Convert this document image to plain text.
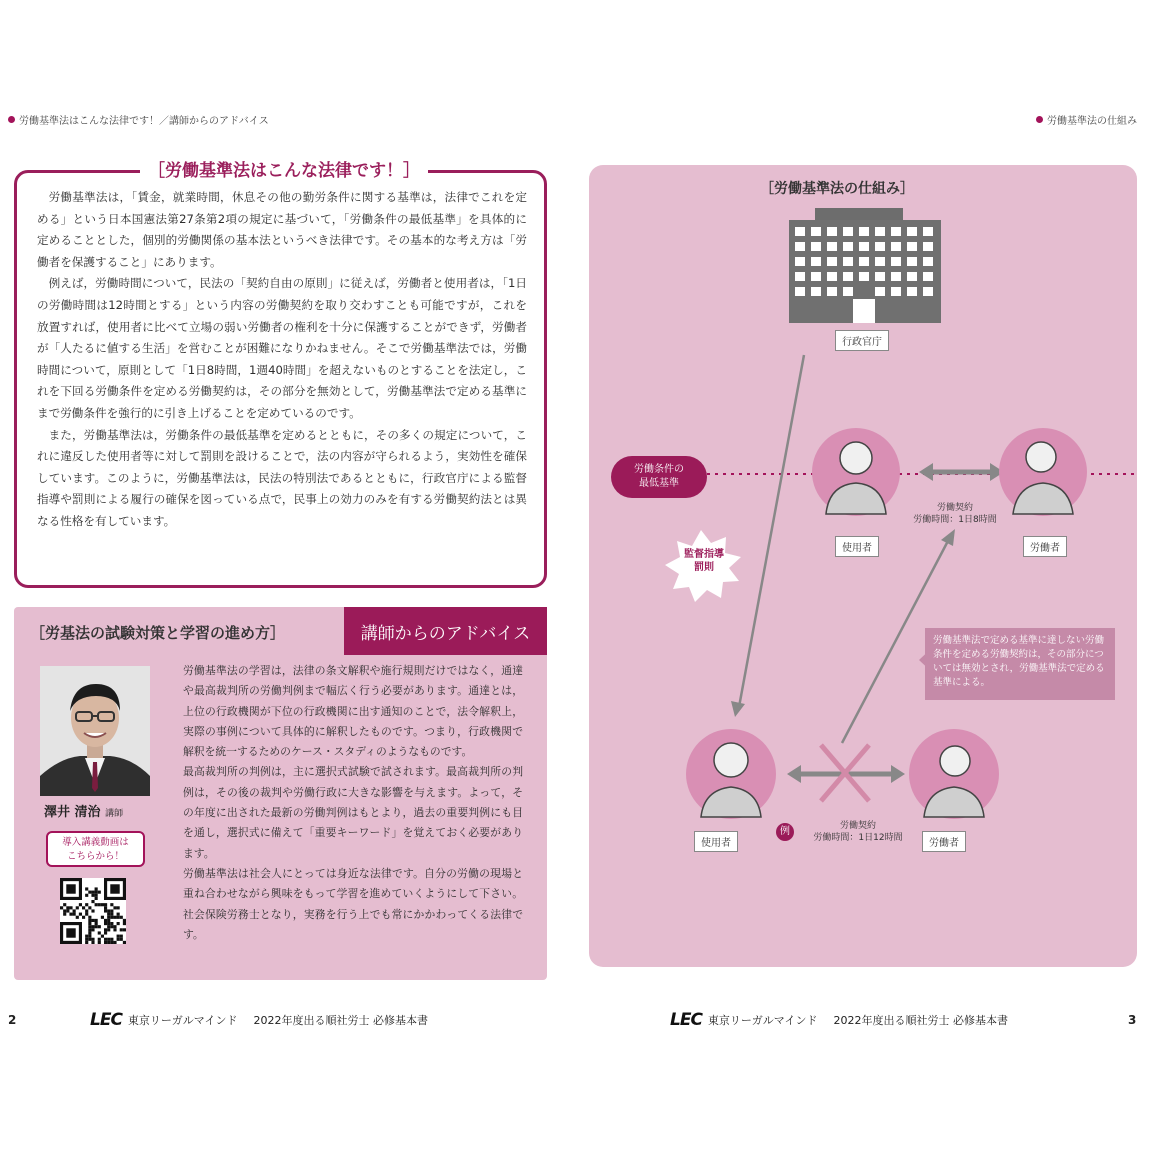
労働基準法はこんな法律です！／講師からのアドバイス	労働基準法の仕組み

労働基準法は，「賃金，就業時間，休息その他の勤労条件に関する基準は，法律でこれを定める」という日本国憲法第27条第2項の規定に基づいて，「労働条件の最低基準」を具体的に定めることとした，個別的労働関係の基本法というべき法律です。その基本的な考え方は「労働者を保護すること」にあります。

例えば，労働時間について，民法の「契約自由の原則」に従えば，労働者と使用者は，「1日の労働時間は12時間とする」という内容の労働契約を取り交わすことも可能ですが，これを放置すれば，使用者に比べて立場の弱い労働者の権利を十分に保護することができず，労働者が「人たるに値する生活」を営むことが困難になりかねません。そこで労働基準法では，労働時間について，原則として「1日8時間，1週40時間」を超えないものとすることを法定し，これを下回る労働条件を定める労働契約は，その部分を無効として，労働基準法で定める基準にまで労働条件を強行的に引き上げることを定めているのです。

また，労働基準法は，労働条件の最低基準を定めるとともに，その多くの規定について，これに違反した使用者等に対して罰則を設けることで，法の内容が守られるよう，実効性を確保しています。このように，労働基準法は，民法の特別法であるとともに，行政官庁による監督指導や罰則による履行の確保を図っている点で，民事上の効力のみを有する労働契約法とは異なる性格を有しています。

［労働基準法はこんな法律です！］
［労基法の試験対策と学習の進め方］	講師からのアドバイス
澤井 清治 講師
導入講義動画は
こちらから！

労働基準法の学習は，法律の条文解釈や施行規則だけではなく，通達や最高裁判所の労働判例まで幅広く行う必要があります。通達とは，上位の行政機関が下位の行政機関に出す通知のことで，法令解釈上，実際の事例について具体的に解釈したものです。つまり，行政機関で解釈を統一するためのケース・スタディのようなものです。

最高裁判所の判例は，主に選択式試験で試されます。最高裁判所の判例は，その後の裁判や労働行政に大きな影響を与えます。よって，その年度に出された最新の労働判例はもとより，過去の重要判例にも目を通し，選択式に備えて「重要キーワード」を覚えておく必要があります。

労働基準法は社会人にとっては身近な法律です。自分の労働の現場と重ね合わせながら興味をもって学習を進めていくようにして下さい。社会保険労務士となり，実務を行う上でも常にかかわってくる法律です。

2	LEC 東京リーガルマインド 2022年度出る順社労士 必修基本書	LEC 東京リーガルマインド 2022年度出る順社労士 必修基本書	3
［労働基準法の仕組み］
行政官庁
労働条件の
最低基準
監督指導
罰則
使用者	労働者
労働契約
労働時間：1日8時間
使用者	労働者
例	労働契約
労働時間：1日12時間
労働基準法で定める基準に達しない労働条件を定める労働契約は，その部分については無効とされ，労働基準法で定める基準による。
